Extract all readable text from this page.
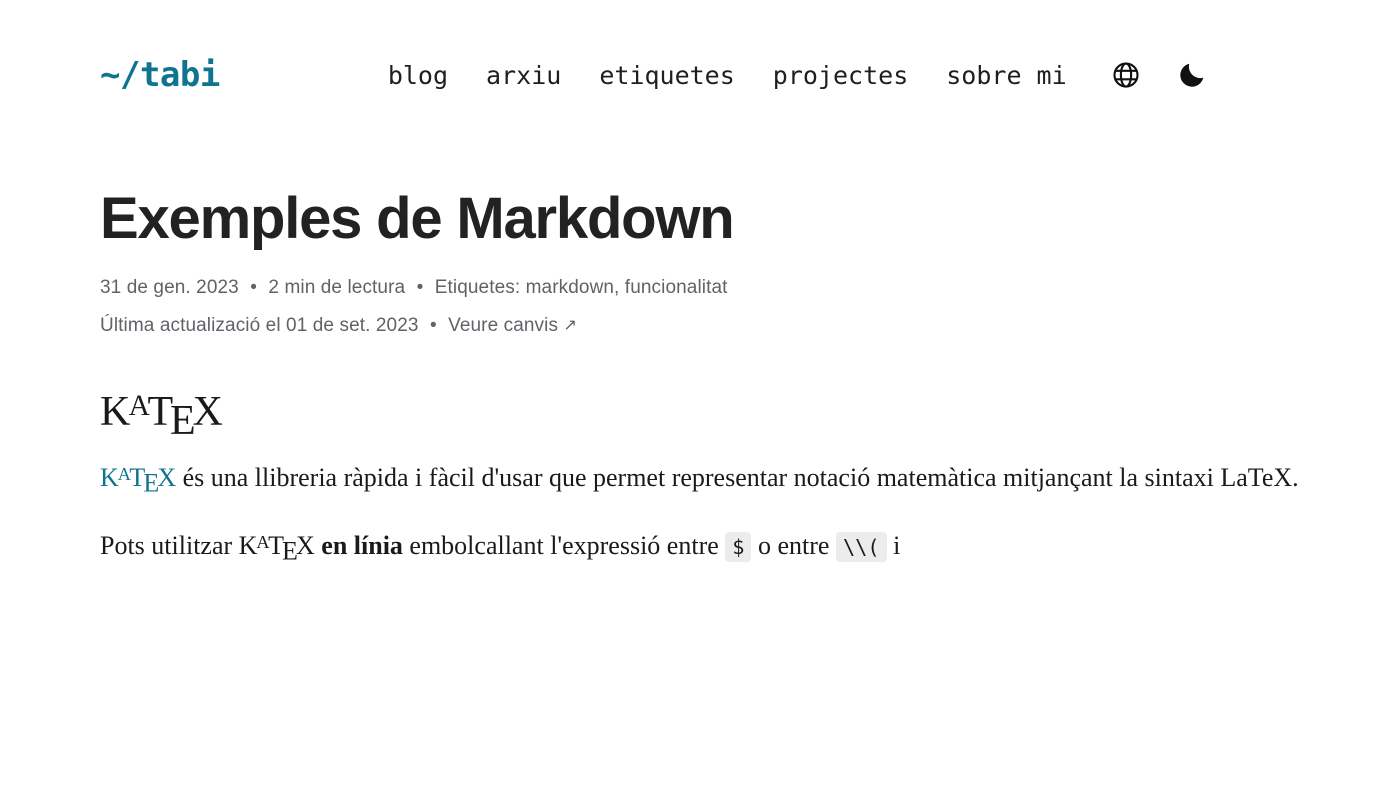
~/tabi	blog arxiu etiquetes projectes sobre mi
Exemples de Markdown
31 de gen. 2023 • 2 min de lectura • Etiquetes: markdown, funcionalitat
Última actualizació el 01 de set. 2023 • Veure canvis ↗
$K^ATEX$

K$^A$TEX és una llibreria ràpida i fàcil d'usar que permet representar notació matemàtica mitjançant la sintaxi LaTeX.

Pots utilitzar $K^ATEX$ en línia embolcallant l'expressió entre $ o entre \\( i
